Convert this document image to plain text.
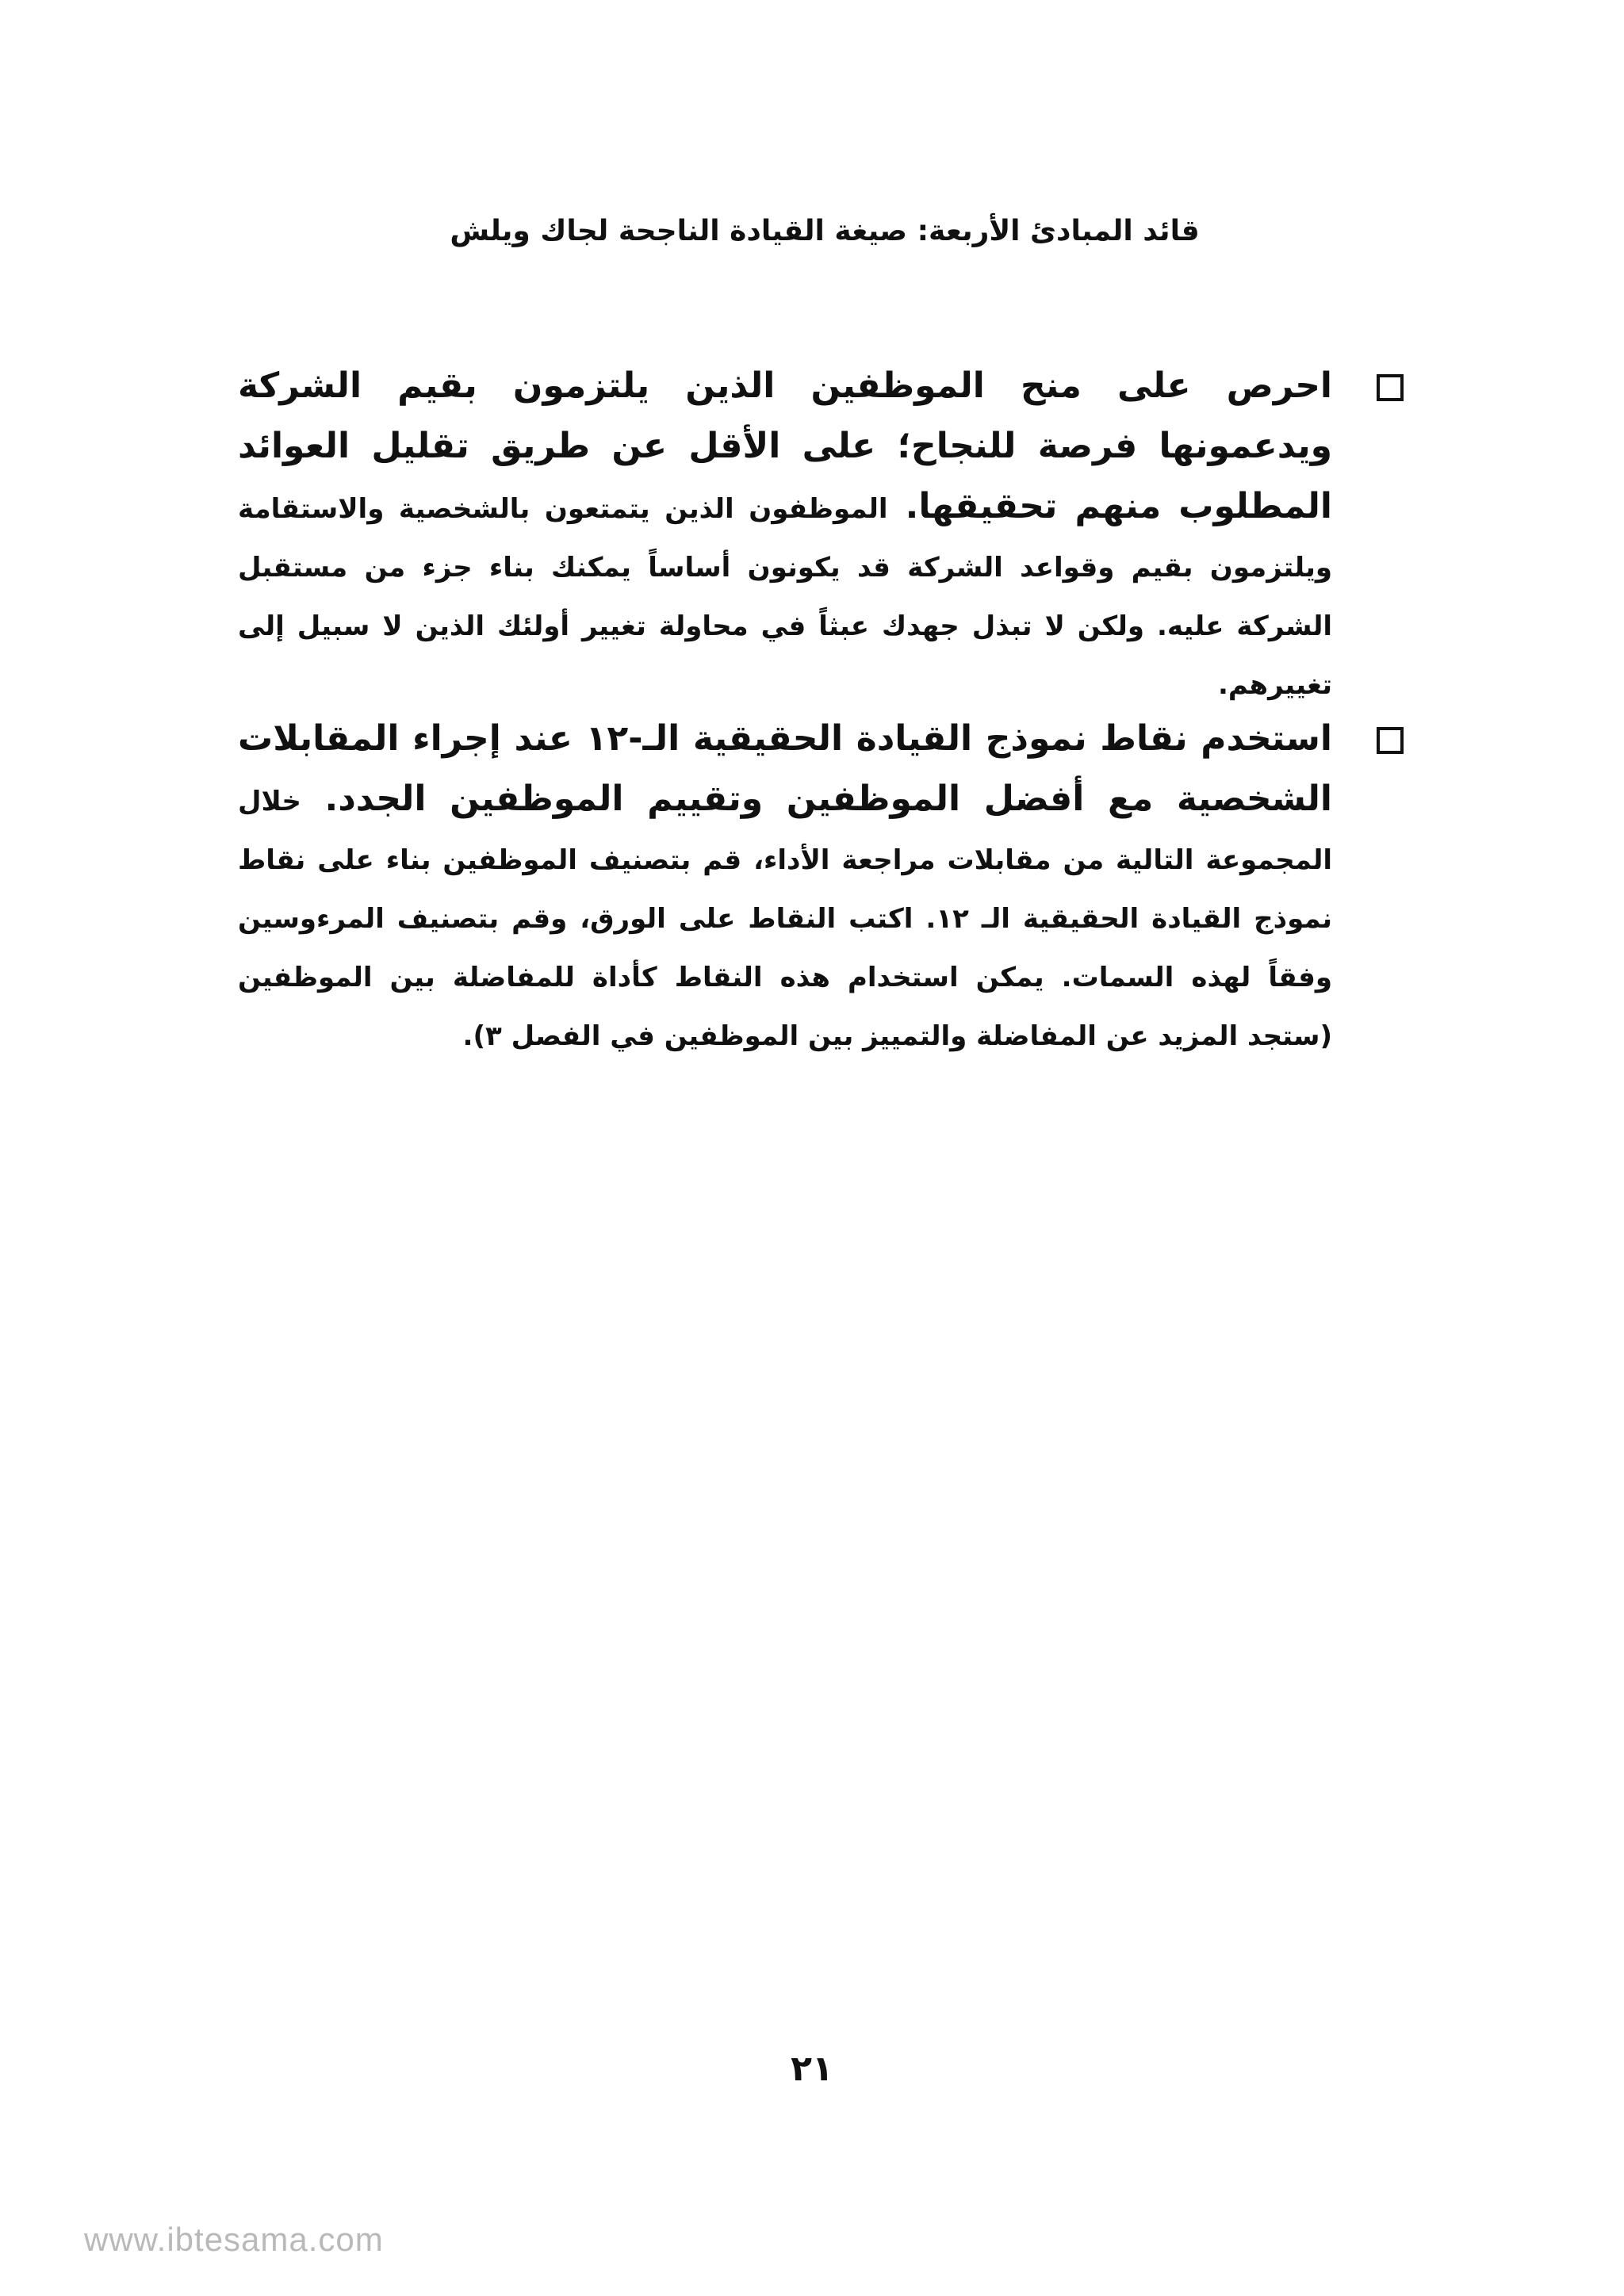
قائد المبادئ الأربعة: صيغة القيادة الناجحة لجاك ويلش
احرص على منح الموظفين الذين يلتزمون بقيم الشركة ويدعمونها فرصة للنجاح؛ على الأقل عن طريق تقليل العوائد المطلوب منهم تحقيقها. الموظفون الذين يتمتعون بالشخصية والاستقامة ويلتزمون بقيم وقواعد الشركة قد يكونون أساساً يمكنك بناء جزء من مستقبل الشركة عليه. ولكن لا تبذل جهدك عبثاً في محاولة تغيير أولئك الذين لا سبيل إلى تغييرهم.
استخدم نقاط نموذج القيادة الحقيقية الـ-١٢ عند إجراء المقابلات الشخصية مع أفضل الموظفين وتقييم الموظفين الجدد. خلال المجموعة التالية من مقابلات مراجعة الأداء، قم بتصنيف الموظفين بناء على نقاط نموذج القيادة الحقيقية الـ ١٢. اكتب النقاط على الورق، وقم بتصنيف المرءوسين وفقاً لهذه السمات. يمكن استخدام هذه النقاط كأداة للمفاضلة بين الموظفين (ستجد المزيد عن المفاضلة والتمييز بين الموظفين في الفصل ٣).
٢١
www.ibtesama.com
